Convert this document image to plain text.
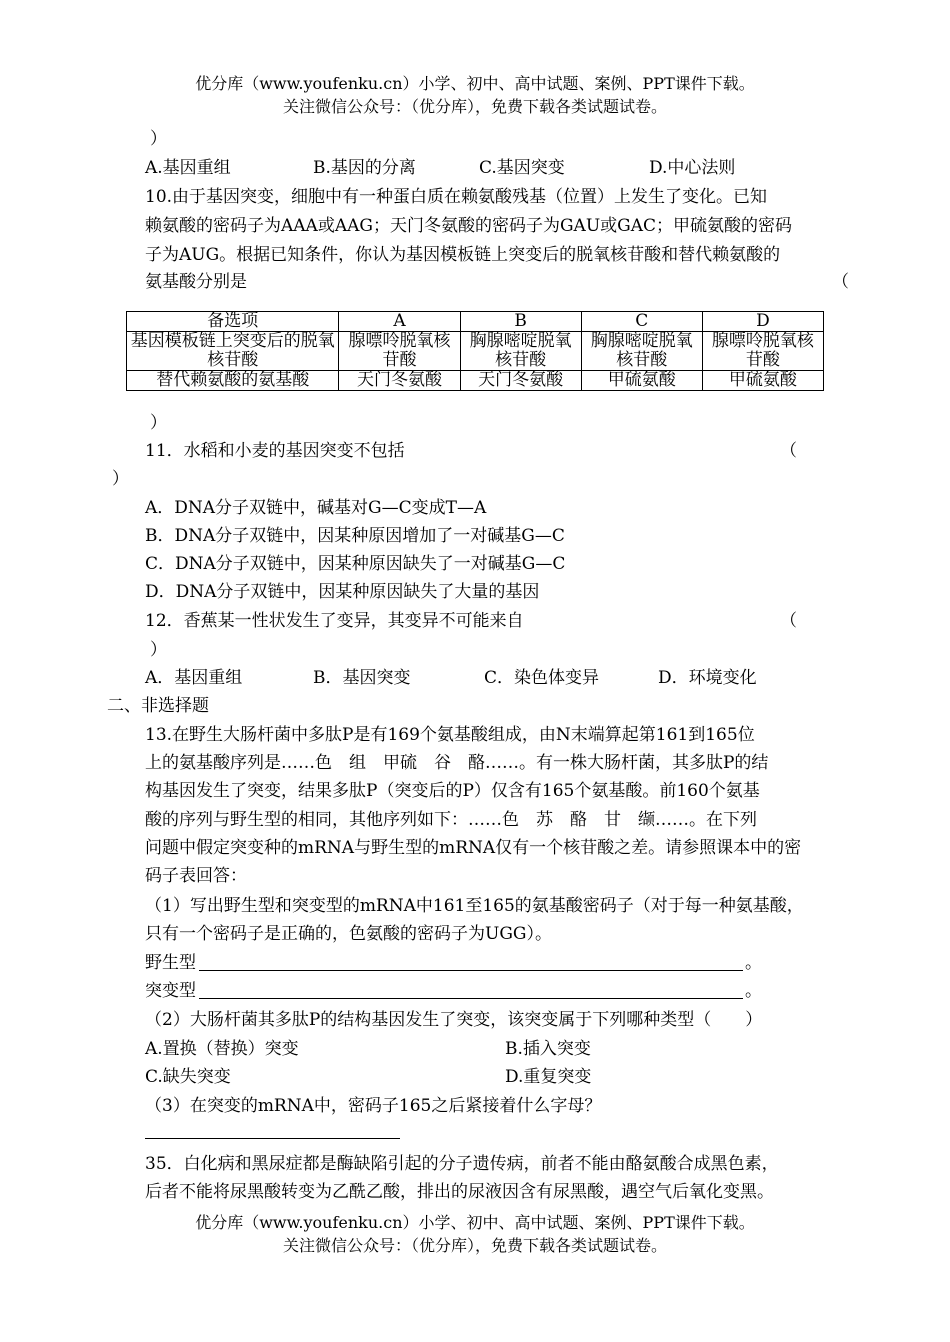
优分库（www.youfenku.cn）小学、初中、高中试题、案例、PPT课件下载。
关注微信公众号：（优分库），免费下载各类试题试卷。
）
A.基因重组	B.基因的分离	C.基因突变	D.中心法则
10.由于基因突变，细胞中有一种蛋白质在赖氨酸残基（位置）上发生了变化。已知
赖氨酸的密码子为AAA或AAG；天门冬氨酸的密码子为GAU或GAC；甲硫氨酸的密码
子为AUG。根据已知条件，你认为基因模板链上突变后的脱氧核苷酸和替代赖氨酸的
氨基酸分别是	（
备选项	A	B	C	D
基因模板链上突变后的脱氧核苷酸	腺嘌呤脱氧核苷酸	胸腺嘧啶脱氧核苷酸	胸腺嘧啶脱氧核苷酸	腺嘌呤脱氧核苷酸
替代赖氨酸的氨基酸	天门冬氨酸	天门冬氨酸	甲硫氨酸	甲硫氨酸
）
11．水稻和小麦的基因突变不包括	（
）
A．DNA分子双链中，碱基对G—C变成T—A
B．DNA分子双链中，因某种原因增加了一对碱基G—C
C．DNA分子双链中，因某种原因缺失了一对碱基G—C
D．DNA分子双链中，因某种原因缺失了大量的基因
12．香蕉某一性状发生了变异，其变异不可能来自	（
）
A．基因重组	B．基因突变	C．染色体变异	D．环境变化
二、非选择题
13.在野生大肠杆菌中多肽P是有169个氨基酸组成，由N末端算起第161到165位
上的氨基酸序列是……色　组　甲硫　谷　酪……。有一株大肠杆菌，其多肽P的结
构基因发生了突变，结果多肽P（突变后的P）仅含有165个氨基酸。前160个氨基
酸的序列与野生型的相同，其他序列如下：……色　苏　酪　甘　缬……。在下列
问题中假定突变种的mRNA与野生型的mRNA仅有一个核苷酸之差。请参照课本中的密
码子表回答：
（1）写出野生型和突变型的mRNA中161至165的氨基酸密码子（对于每一种氨基酸，
只有一个密码子是正确的，色氨酸的密码子为UGG）。
野生型	。
突变型	。
（2）大肠杆菌其多肽P的结构基因发生了突变，该突变属于下列哪种类型（　　）
A.置换（替换）突变	B.插入突变
C.缺失突变	D.重复突变
（3）在突变的mRNA中，密码子165之后紧接着什么字母？
35．白化病和黑尿症都是酶缺陷引起的分子遗传病，前者不能由酪氨酸合成黑色素，
后者不能将尿黑酸转变为乙酰乙酸，排出的尿液因含有尿黑酸，遇空气后氧化变黑。
优分库（www.youfenku.cn）小学、初中、高中试题、案例、PPT课件下载。
关注微信公众号：（优分库），免费下载各类试题试卷。
